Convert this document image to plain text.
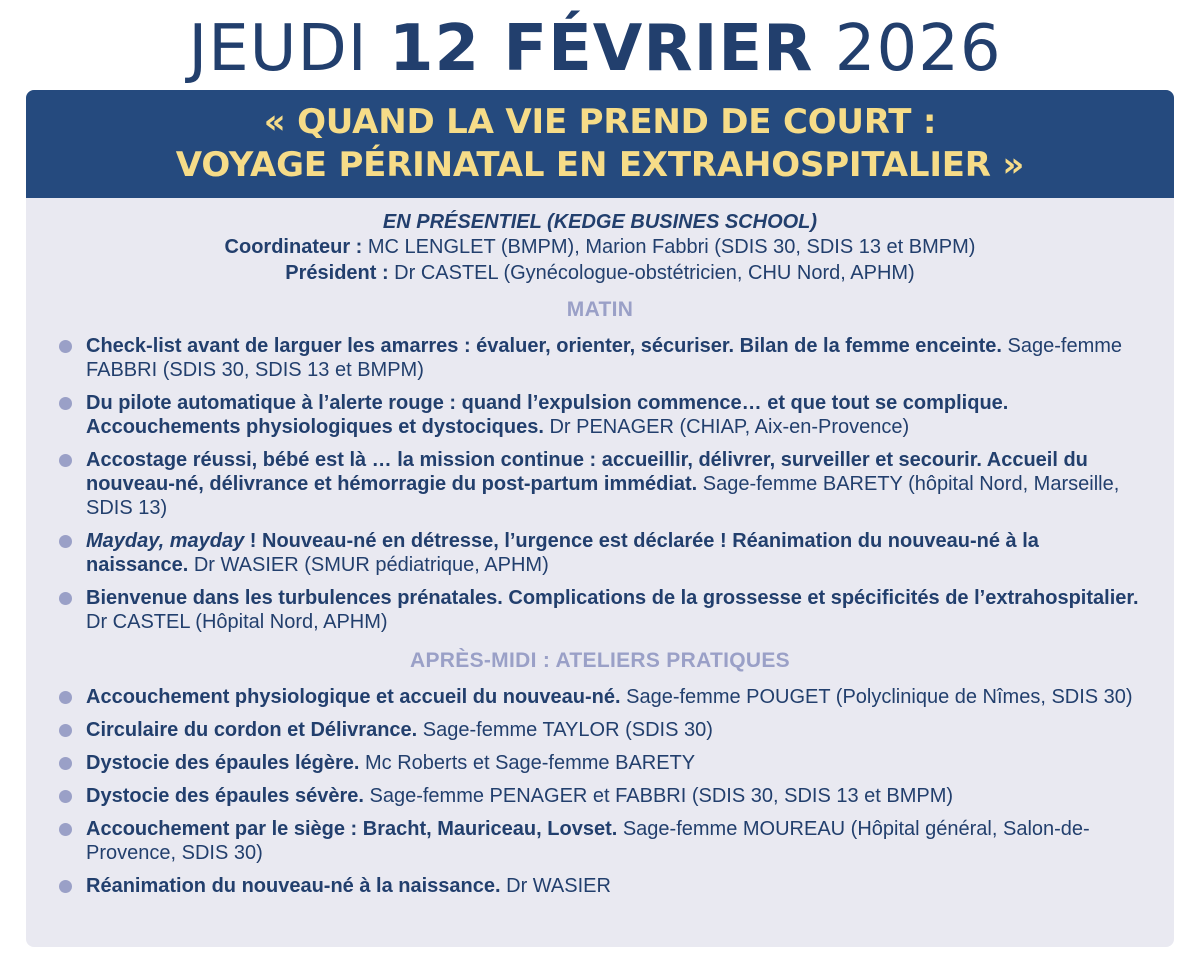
JEUDI 12 FÉVRIER 2026
« QUAND LA VIE PREND DE COURT :
VOYAGE PÉRINATAL EN EXTRAHOSPITALIER »
EN PRÉSENTIEL (KEDGE BUSINES SCHOOL)
Coordinateur : MC LENGLET (BMPM), Marion Fabbri (SDIS 30, SDIS 13 et BMPM)
Président : Dr CASTEL (Gynécologue-obstétricien, CHU Nord, APHM)
MATIN
Check-list avant de larguer les amarres : évaluer, orienter, sécuriser. Bilan de la femme enceinte. Sage-femme FABBRI (SDIS 30, SDIS 13 et BMPM)
Du pilote automatique à l’alerte rouge : quand l’expulsion commence… et que tout se complique. Accouchements physiologiques et dystociques. Dr PENAGER (CHIAP, Aix-en-Provence)
Accostage réussi, bébé est là … la mission continue : accueillir, délivrer, surveiller et secourir. Accueil du nouveau-né, délivrance et hémorragie du post-partum immédiat. Sage-femme BARETY (hôpital Nord, Marseille, SDIS 13)
Mayday, mayday ! Nouveau-né en détresse, l’urgence est déclarée ! Réanimation du nouveau-né à la naissance. Dr WASIER (SMUR pédiatrique, APHM)
Bienvenue dans les turbulences prénatales. Complications de la grossesse et spécificités de l’extrahospitalier. Dr CASTEL (Hôpital Nord, APHM)
APRÈS-MIDI : ATELIERS PRATIQUES
Accouchement physiologique et accueil du nouveau-né. Sage-femme POUGET (Polyclinique de Nîmes, SDIS 30)
Circulaire du cordon et Délivrance. Sage-femme TAYLOR (SDIS 30)
Dystocie des épaules légère. Mc Roberts et Sage-femme BARETY
Dystocie des épaules sévère. Sage-femme PENAGER et FABBRI (SDIS 30, SDIS 13 et BMPM)
Accouchement par le siège : Bracht, Mauriceau, Lovset. Sage-femme MOUREAU (Hôpital général, Salon-de-Provence, SDIS 30)
Réanimation du nouveau-né à la naissance. Dr WASIER
